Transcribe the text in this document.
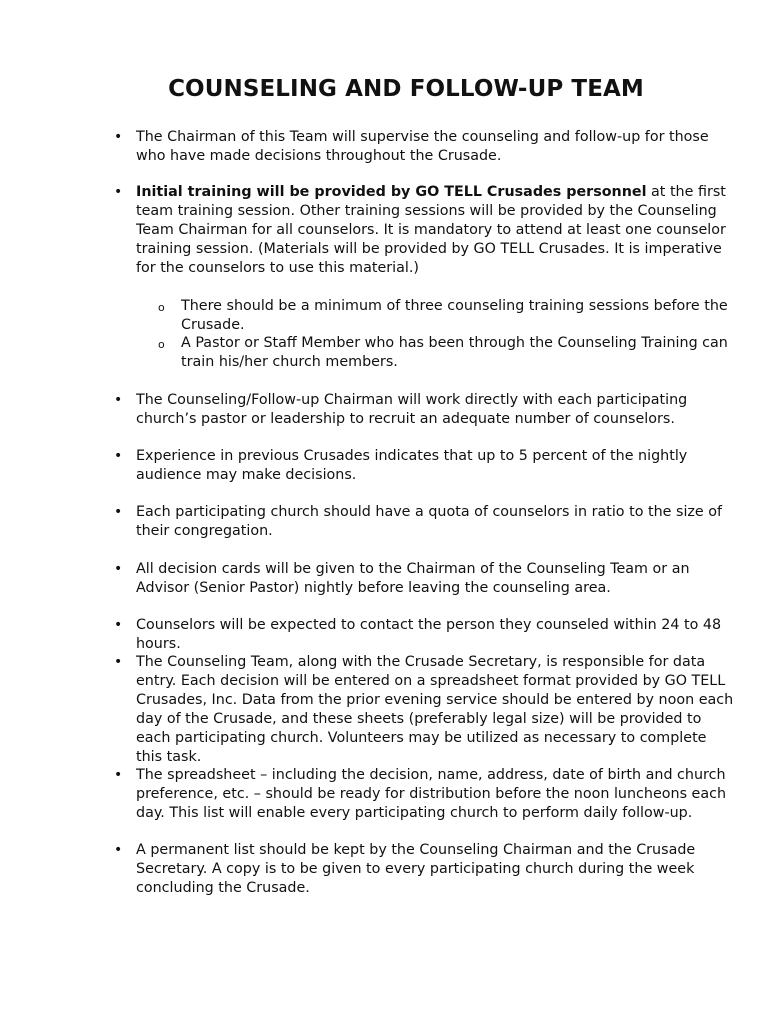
COUNSELING AND FOLLOW-UP TEAM
• The Chairman of this Team will supervise the counseling and follow-up for those who have made decisions throughout the Crusade.
• Initial training will be provided by GO TELL Crusades personnel at the first team training session. Other training sessions will be provided by the Counseling Team Chairman for all counselors. It is mandatory to attend at least one counselor training session. (Materials will be provided by GO TELL Crusades. It is imperative for the counselors to use this material.)
• The Counseling/Follow-up Chairman will work directly with each participating church’s pastor or leadership to recruit an adequate number of counselors.
• Experience in previous Crusades indicates that up to 5 percent of the nightly audience may make decisions.
• Each participating church should have a quota of counselors in ratio to the size of their congregation.
• All decision cards will be given to the Chairman of the Counseling Team or an Advisor (Senior Pastor) nightly before leaving the counseling area.
• Counselors will be expected to contact the person they counseled within 24 to 48 hours.
• The Counseling Team, along with the Crusade Secretary, is responsible for data entry. Each decision will be entered on a spreadsheet format provided by GO TELL Crusades, Inc. Data from the prior evening service should be entered by noon each day of the Crusade, and these sheets (preferably legal size) will be provided to each participating church. Volunteers may be utilized as necessary to complete this task.
• The spreadsheet – including the decision, name, address, date of birth and church preference, etc. – should be ready for distribution before the noon luncheons each day. This list will enable every participating church to perform daily follow-up.
• A permanent list should be kept by the Counseling Chairman and the Crusade Secretary. A copy is to be given to every participating church during the week concluding the Crusade.
o There should be a minimum of three counseling training sessions before the Crusade.
o A Pastor or Staff Member who has been through the Counseling Training can train his/her church members.
